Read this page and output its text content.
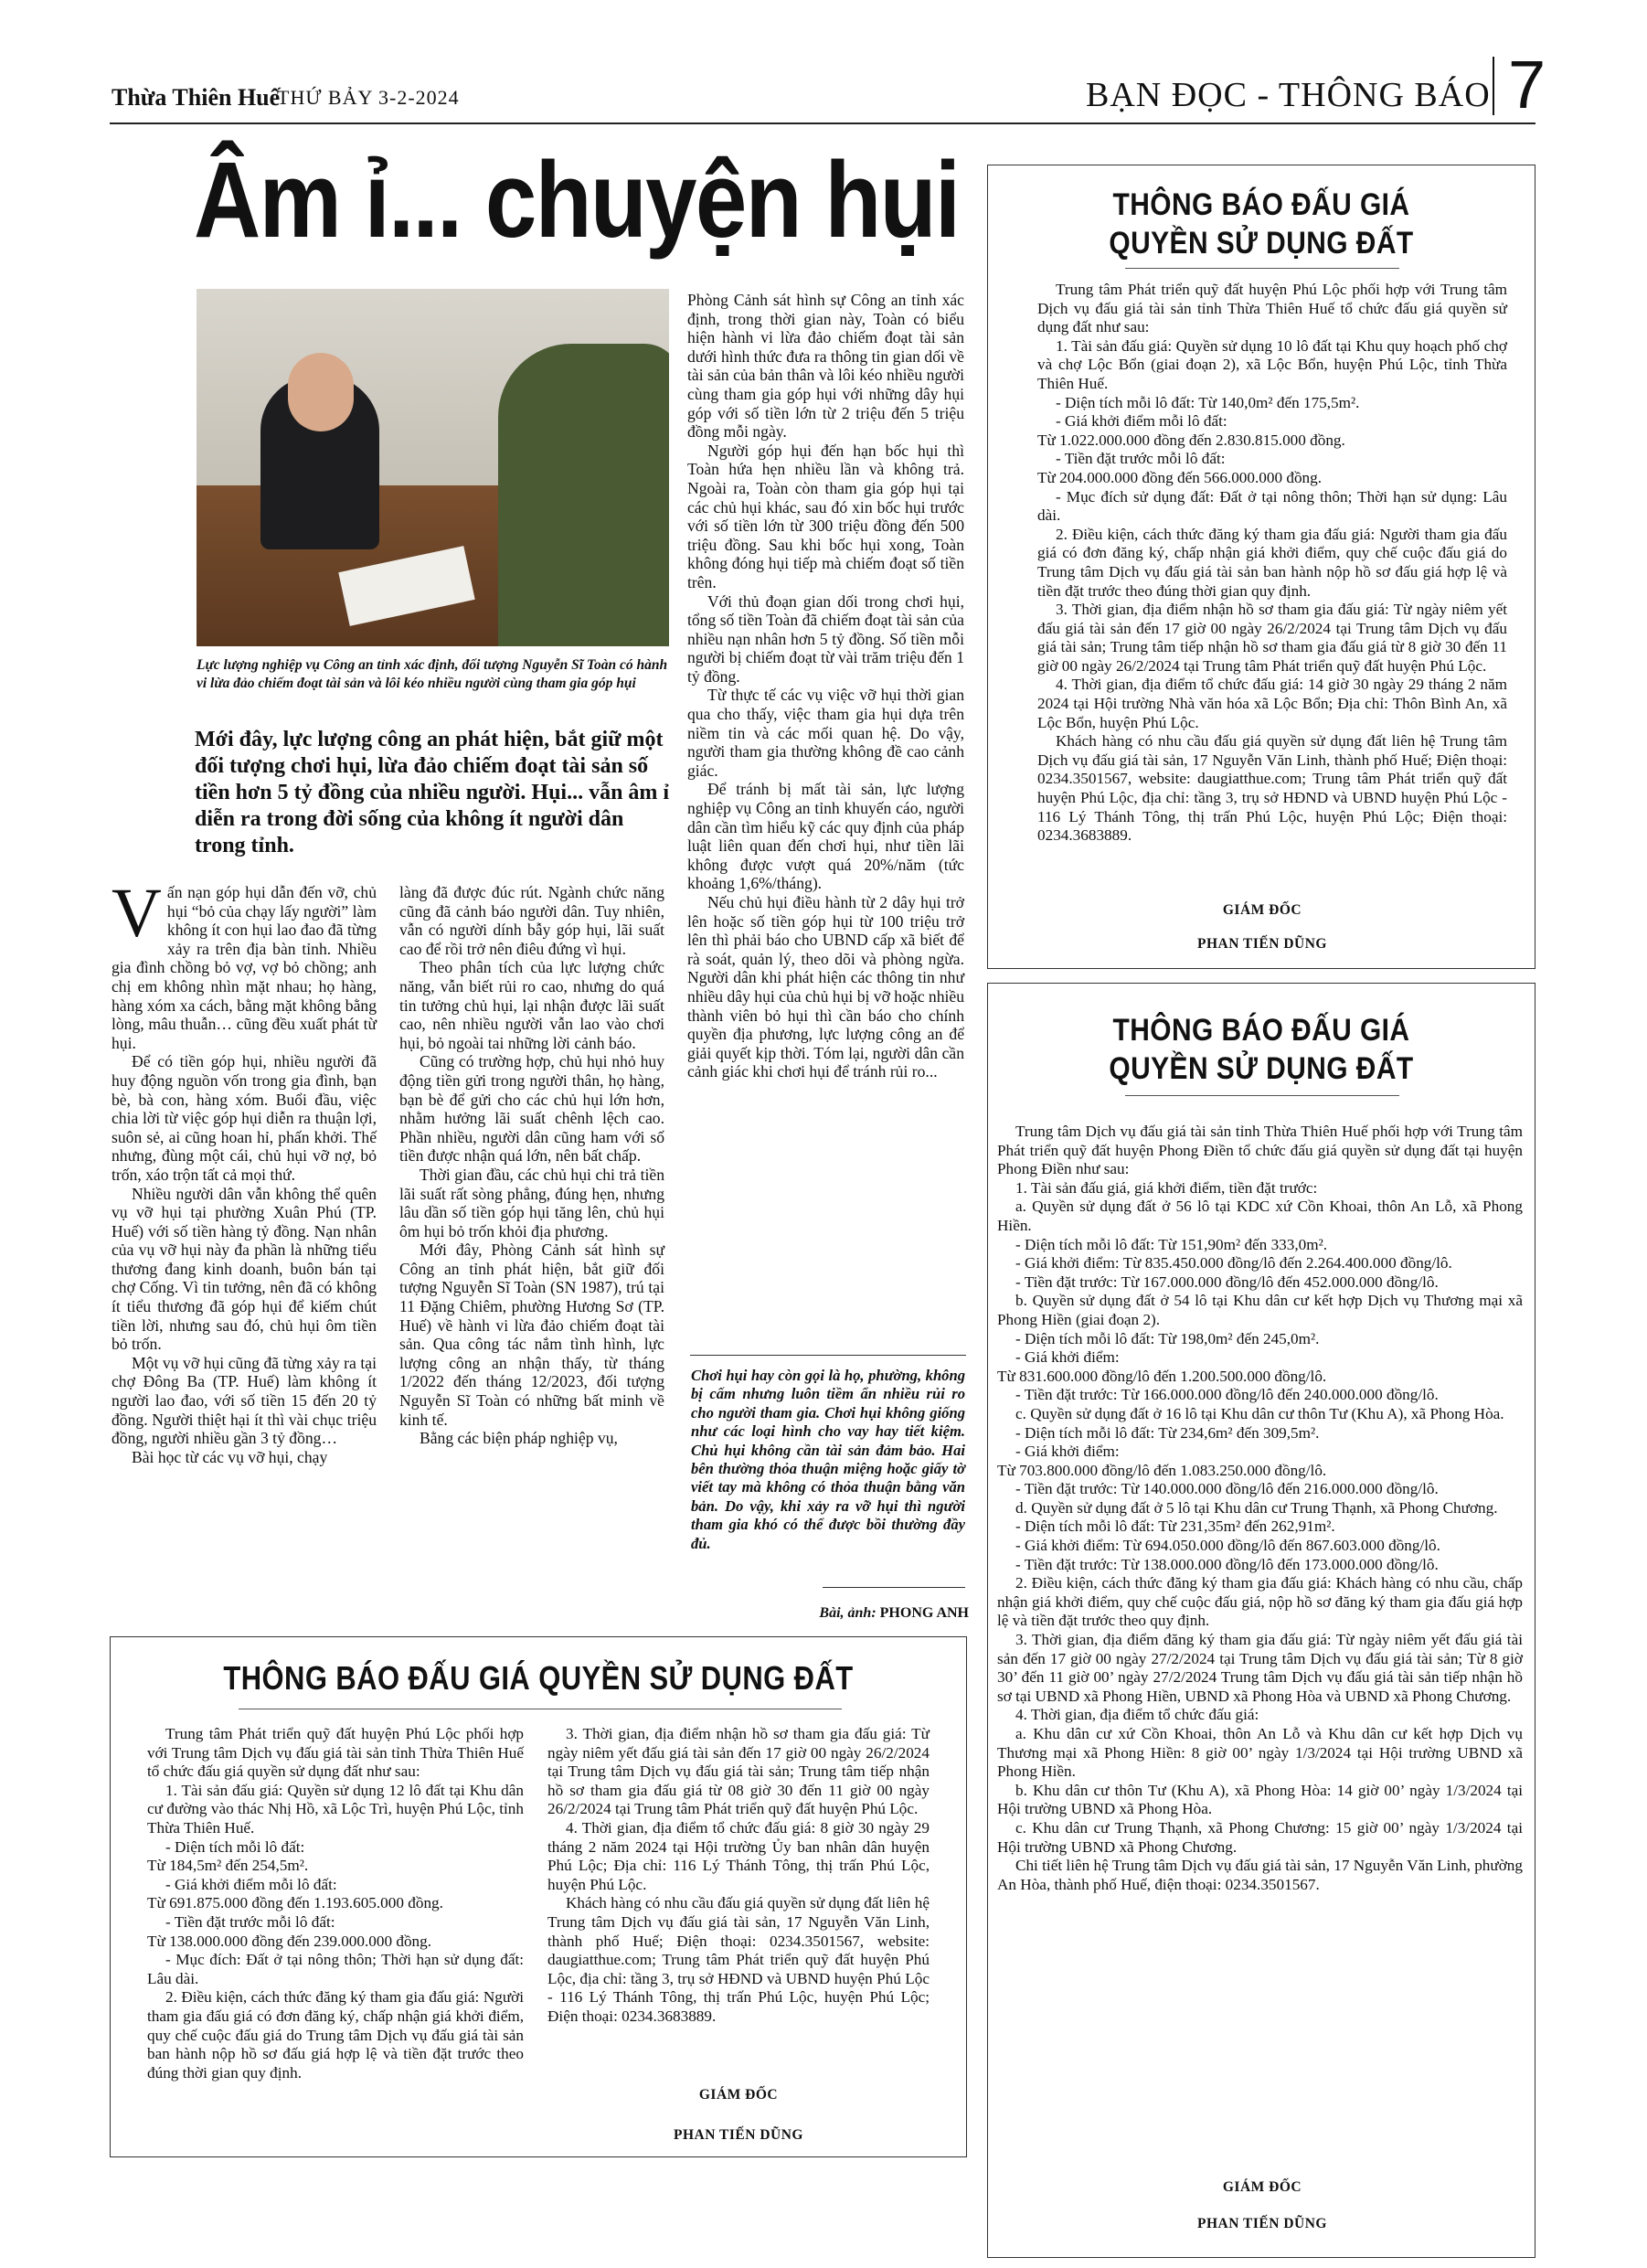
Thừa Thiên Huế
THỨ BẢY 3-2-2024	BẠN ĐỌC - THÔNG BÁO 7
Âm ỉ... chuyện hụi
Lực lượng nghiệp vụ Công an tỉnh xác định, đối tượng Nguyễn Sĩ Toàn có hành vi lừa đảo chiếm đoạt tài sản và lôi kéo nhiều người cùng tham gia góp hụi
Mới đây, lực lượng công an phát hiện, bắt giữ một đối tượng chơi hụi, lừa đảo chiếm đoạt tài sản số tiền hơn 5 tỷ đồng của nhiều người. Hụi... vẫn âm ỉ diễn ra trong đời sống của không ít người dân trong tỉnh.

Vấn nạn góp hụi dẫn đến vỡ, chủ hụi “bỏ của chạy lấy người” làm không ít con hụi lao đao đã từng xảy ra trên địa bàn tỉnh. Nhiều gia đình chồng bỏ vợ, vợ bỏ chồng; anh chị em không nhìn mặt nhau; họ hàng, hàng xóm xa cách, bằng mặt không bằng lòng, mâu thuẫn… cũng đều xuất phát từ hụi.

Để có tiền góp hụi, nhiều người đã huy động nguồn vốn trong gia đình, bạn bè, bà con, hàng xóm. Buổi đầu, việc chia lời từ việc góp hụi diễn ra thuận lợi, suôn sẻ, ai cũng hoan hỉ, phấn khởi. Thế nhưng, đùng một cái, chủ hụi vỡ nợ, bỏ trốn, xáo trộn tất cả mọi thứ.

Nhiều người dân vẫn không thể quên vụ vỡ hụi tại phường Xuân Phú (TP. Huế) với số tiền hàng tỷ đồng. Nạn nhân của vụ vỡ hụi này đa phần là những tiểu thương đang kinh doanh, buôn bán tại chợ Cống. Vì tin tưởng, nên đã có không ít tiểu thương đã góp hụi để kiếm chút tiền lời, nhưng sau đó, chủ hụi ôm tiền bỏ trốn.

Một vụ vỡ hụi cũng đã từng xảy ra tại chợ Đông Ba (TP. Huế) làm không ít người lao đao, với số tiền 15 đến 20 tỷ đồng. Người thiệt hại ít thì vài chục triệu đồng, người nhiều gần 3 tỷ đồng…

Bài học từ các vụ vỡ hụi, chạy

làng đã được đúc rút. Ngành chức năng cũng đã cảnh báo người dân. Tuy nhiên, vẫn có người dính bẫy góp hụi, lãi suất cao để rồi trở nên điêu đứng vì hụi.

Theo phân tích của lực lượng chức năng, vẫn biết rủi ro cao, nhưng do quá tin tưởng chủ hụi, lại nhận được lãi suất cao, nên nhiều người vẫn lao vào chơi hụi, bỏ ngoài tai những lời cảnh báo.

Cũng có trường hợp, chủ hụi nhỏ huy động tiền gửi trong người thân, họ hàng, bạn bè để gửi cho các chủ hụi lớn hơn, nhằm hưởng lãi suất chênh lệch cao. Phần nhiều, người dân cũng ham với số tiền được nhận quá lớn, nên bất chấp.

Thời gian đầu, các chủ hụi chi trả tiền lãi suất rất sòng phẳng, đúng hẹn, nhưng lâu dần số tiền góp hụi tăng lên, chủ hụi ôm hụi bỏ trốn khỏi địa phương.

Mới đây, Phòng Cảnh sát hình sự Công an tỉnh phát hiện, bắt giữ đối tượng Nguyễn Sĩ Toàn (SN 1987), trú tại 11 Đặng Chiêm, phường Hương Sơ (TP. Huế) về hành vi lừa đảo chiếm đoạt tài sản. Qua công tác nắm tình hình, lực lượng công an nhận thấy, từ tháng 1/2022 đến tháng 12/2023, đối tượng Nguyễn Sĩ Toàn có những bất minh về kinh tế.

Bằng các biện pháp nghiệp vụ,

Phòng Cảnh sát hình sự Công an tỉnh xác định, trong thời gian này, Toàn có biểu hiện hành vi lừa đảo chiếm đoạt tài sản dưới hình thức đưa ra thông tin gian dối về tài sản của bản thân và lôi kéo nhiều người cùng tham gia góp hụi với những dây hụi góp với số tiền lớn từ 2 triệu đến 5 triệu đồng mỗi ngày.

Người góp hụi đến hạn bốc hụi thì Toàn hứa hẹn nhiều lần và không trả. Ngoài ra, Toàn còn tham gia góp hụi tại các chủ hụi khác, sau đó xin bốc hụi trước với số tiền lớn từ 300 triệu đồng đến 500 triệu đồng. Sau khi bốc hụi xong, Toàn không đóng hụi tiếp mà chiếm đoạt số tiền trên.

Với thủ đoạn gian dối trong chơi hụi, tổng số tiền Toàn đã chiếm đoạt tài sản của nhiều nạn nhân hơn 5 tỷ đồng. Số tiền mỗi người bị chiếm đoạt từ vài trăm triệu đến 1 tỷ đồng.

Từ thực tế các vụ việc vỡ hụi thời gian qua cho thấy, việc tham gia hụi dựa trên niềm tin và các mối quan hệ. Do vậy, người tham gia thường không đề cao cảnh giác.

Để tránh bị mất tài sản, lực lượng nghiệp vụ Công an tỉnh khuyến cáo, người dân cần tìm hiểu kỹ các quy định của pháp luật liên quan đến chơi hụi, như tiền lãi không được vượt quá 20%/năm (tức khoảng 1,6%/tháng).

Nếu chủ hụi điều hành từ 2 dây hụi trở lên hoặc số tiền góp hụi từ 100 triệu trở lên thì phải báo cho UBND cấp xã biết để rà soát, quản lý, theo dõi và phòng ngừa. Người dân khi phát hiện các thông tin như nhiều dây hụi của chủ hụi bị vỡ hoặc nhiều thành viên bỏ hụi thì cần báo cho chính quyền địa phương, lực lượng công an để giải quyết kịp thời. Tóm lại, người dân cần cảnh giác khi chơi hụi để tránh rủi ro...

Chơi hụi hay còn gọi là họ, phường, không bị cấm nhưng luôn tiềm ẩn nhiều rủi ro cho người tham gia. Chơi hụi không giống như các loại hình cho vay hay tiết kiệm. Chủ hụi không cần tài sản đảm bảo. Hai bên thường thỏa thuận miệng hoặc giấy tờ viết tay mà không có thỏa thuận bằng văn bản. Do vậy, khi xảy ra vỡ hụi thì người tham gia khó có thể được bồi thường đầy đủ.
Bài, ảnh: PHONG ANH
THÔNG BÁO ĐẤU GIÁ
QUYỀN SỬ DỤNG ĐẤT

Trung tâm Phát triển quỹ đất huyện Phú Lộc phối hợp với Trung tâm Dịch vụ đấu giá tài sản tỉnh Thừa Thiên Huế tổ chức đấu giá quyền sử dụng đất như sau:

1. Tài sản đấu giá: Quyền sử dụng 10 lô đất tại Khu quy hoạch phố chợ và chợ Lộc Bổn (giai đoạn 2), xã Lộc Bổn, huyện Phú Lộc, tỉnh Thừa Thiên Huế.

- Diện tích mỗi lô đất: Từ 140,0m² đến 175,5m².

- Giá khởi điểm mỗi lô đất:

Từ 1.022.000.000 đồng đến 2.830.815.000 đồng.

- Tiền đặt trước mỗi lô đất:

Từ 204.000.000 đồng đến 566.000.000 đồng.

- Mục đích sử dụng đất: Đất ở tại nông thôn; Thời hạn sử dụng: Lâu dài.

2. Điều kiện, cách thức đăng ký tham gia đấu giá: Người tham gia đấu giá có đơn đăng ký, chấp nhận giá khởi điểm, quy chế cuộc đấu giá do Trung tâm Dịch vụ đấu giá tài sản ban hành nộp hồ sơ đấu giá hợp lệ và tiền đặt trước theo đúng thời gian quy định.

3. Thời gian, địa điểm nhận hồ sơ tham gia đấu giá: Từ ngày niêm yết đấu giá tài sản đến 17 giờ 00 ngày 26/2/2024 tại Trung tâm Dịch vụ đấu giá tài sản; Trung tâm tiếp nhận hồ sơ tham gia đấu giá từ 8 giờ 30 đến 11 giờ 00 ngày 26/2/2024 tại Trung tâm Phát triển quỹ đất huyện Phú Lộc.

4. Thời gian, địa điểm tổ chức đấu giá: 14 giờ 30 ngày 29 tháng 2 năm 2024 tại Hội trường Nhà văn hóa xã Lộc Bổn; Địa chỉ: Thôn Bình An, xã Lộc Bổn, huyện Phú Lộc.

Khách hàng có nhu cầu đấu giá quyền sử dụng đất liên hệ Trung tâm Dịch vụ đấu giá tài sản, 17 Nguyễn Văn Linh, thành phố Huế; Điện thoại: 0234.3501567, website: daugiatthue.com; Trung tâm Phát triển quỹ đất huyện Phú Lộc, địa chỉ: tầng 3, trụ sở HĐND và UBND huyện Phú Lộc - 116 Lý Thánh Tông, thị trấn Phú Lộc, huyện Phú Lộc; Điện thoại: 0234.3683889.

GIÁM ĐỐC
PHAN TIẾN DŨNG
THÔNG BÁO ĐẤU GIÁ
QUYỀN SỬ DỤNG ĐẤT

Trung tâm Dịch vụ đấu giá tài sản tỉnh Thừa Thiên Huế phối hợp với Trung tâm Phát triển quỹ đất huyện Phong Điền tổ chức đấu giá quyền sử dụng đất tại huyện Phong Điền như sau:

1. Tài sản đấu giá, giá khởi điểm, tiền đặt trước:

a. Quyền sử dụng đất ở 56 lô tại KDC xứ Cồn Khoai, thôn An Lỗ, xã Phong Hiền.

- Diện tích mỗi lô đất: Từ 151,90m² đến 333,0m².

- Giá khởi điểm: Từ 835.450.000 đồng/lô đến 2.264.400.000 đồng/lô.

- Tiền đặt trước: Từ 167.000.000 đồng/lô đến 452.000.000 đồng/lô.

b. Quyền sử dụng đất ở 54 lô tại Khu dân cư kết hợp Dịch vụ Thương mại xã Phong Hiền (giai đoạn 2).

- Diện tích mỗi lô đất: Từ 198,0m² đến 245,0m².

- Giá khởi điểm:

Từ 831.600.000 đồng/lô đến 1.200.500.000 đồng/lô.

- Tiền đặt trước: Từ 166.000.000 đồng/lô đến 240.000.000 đồng/lô.

c. Quyền sử dụng đất ở 16 lô tại Khu dân cư thôn Tư (Khu A), xã Phong Hòa.

- Diện tích mỗi lô đất: Từ 234,6m² đến 309,5m².

- Giá khởi điểm:

Từ 703.800.000 đồng/lô đến 1.083.250.000 đồng/lô.

- Tiền đặt trước: Từ 140.000.000 đồng/lô đến 216.000.000 đồng/lô.

d. Quyền sử dụng đất ở 5 lô tại Khu dân cư Trung Thạnh, xã Phong Chương.

- Diện tích mỗi lô đất: Từ 231,35m² đến 262,91m².

- Giá khởi điểm: Từ 694.050.000 đồng/lô đến 867.603.000 đồng/lô.

- Tiền đặt trước: Từ 138.000.000 đồng/lô đến 173.000.000 đồng/lô.

2. Điều kiện, cách thức đăng ký tham gia đấu giá: Khách hàng có nhu cầu, chấp nhận giá khởi điểm, quy chế cuộc đấu giá, nộp hồ sơ đăng ký tham gia đấu giá hợp lệ và tiền đặt trước theo quy định.

3. Thời gian, địa điểm đăng ký tham gia đấu giá: Từ ngày niêm yết đấu giá tài sản đến 17 giờ 00 ngày 27/2/2024 tại Trung tâm Dịch vụ đấu giá tài sản; Từ 8 giờ 30’ đến 11 giờ 00’ ngày 27/2/2024 Trung tâm Dịch vụ đấu giá tài sản tiếp nhận hồ sơ tại UBND xã Phong Hiền, UBND xã Phong Hòa và UBND xã Phong Chương.

4. Thời gian, địa điểm tổ chức đấu giá:

a. Khu dân cư xứ Cồn Khoai, thôn An Lỗ và Khu dân cư kết hợp Dịch vụ Thương mại xã Phong Hiền: 8 giờ 00’ ngày 1/3/2024 tại Hội trường UBND xã Phong Hiền.

b. Khu dân cư thôn Tư (Khu A), xã Phong Hòa: 14 giờ 00’ ngày 1/3/2024 tại Hội trường UBND xã Phong Hòa.

c. Khu dân cư Trung Thạnh, xã Phong Chương: 15 giờ 00’ ngày 1/3/2024 tại Hội trường UBND xã Phong Chương.

Chi tiết liên hệ Trung tâm Dịch vụ đấu giá tài sản, 17 Nguyễn Văn Linh, phường An Hòa, thành phố Huế, điện thoại: 0234.3501567.

GIÁM ĐỐC
PHAN TIẾN DŨNG
THÔNG BÁO ĐẤU GIÁ QUYỀN SỬ DỤNG ĐẤT

Trung tâm Phát triển quỹ đất huyện Phú Lộc phối hợp với Trung tâm Dịch vụ đấu giá tài sản tỉnh Thừa Thiên Huế tổ chức đấu giá quyền sử dụng đất như sau:

1. Tài sản đấu giá: Quyền sử dụng 12 lô đất tại Khu dân cư đường vào thác Nhị Hồ, xã Lộc Trì, huyện Phú Lộc, tỉnh Thừa Thiên Huế.

- Diện tích mỗi lô đất:

Từ 184,5m² đến 254,5m².

- Giá khởi điểm mỗi lô đất:

Từ 691.875.000 đồng đến 1.193.605.000 đồng.

- Tiền đặt trước mỗi lô đất:

Từ 138.000.000 đồng đến 239.000.000 đồng.

- Mục đích: Đất ở tại nông thôn; Thời hạn sử dụng đất: Lâu dài.

2. Điều kiện, cách thức đăng ký tham gia đấu giá: Người tham gia đấu giá có đơn đăng ký, chấp nhận giá khởi điểm, quy chế cuộc đấu giá do Trung tâm Dịch vụ đấu giá tài sản ban hành nộp hồ sơ đấu giá hợp lệ và tiền đặt trước theo đúng thời gian quy định.

3. Thời gian, địa điểm nhận hồ sơ tham gia đấu giá: Từ ngày niêm yết đấu giá tài sản đến 17 giờ 00 ngày 26/2/2024 tại Trung tâm Dịch vụ đấu giá tài sản; Trung tâm tiếp nhận hồ sơ tham gia đấu giá từ 08 giờ 30 đến 11 giờ 00 ngày 26/2/2024 tại Trung tâm Phát triển quỹ đất huyện Phú Lộc.

4. Thời gian, địa điểm tổ chức đấu giá: 8 giờ 30 ngày 29 tháng 2 năm 2024 tại Hội trường Ủy ban nhân dân huyện Phú Lộc; Địa chỉ: 116 Lý Thánh Tông, thị trấn Phú Lộc, huyện Phú Lộc.

Khách hàng có nhu cầu đấu giá quyền sử dụng đất liên hệ Trung tâm Dịch vụ đấu giá tài sản, 17 Nguyễn Văn Linh, thành phố Huế; Điện thoại: 0234.3501567, website: daugiatthue.com; Trung tâm Phát triển quỹ đất huyện Phú Lộc, địa chỉ: tầng 3, trụ sở HĐND và UBND huyện Phú Lộc - 116 Lý Thánh Tông, thị trấn Phú Lộc, huyện Phú Lộc; Điện thoại: 0234.3683889.

GIÁM ĐỐC
PHAN TIẾN DŨNG
